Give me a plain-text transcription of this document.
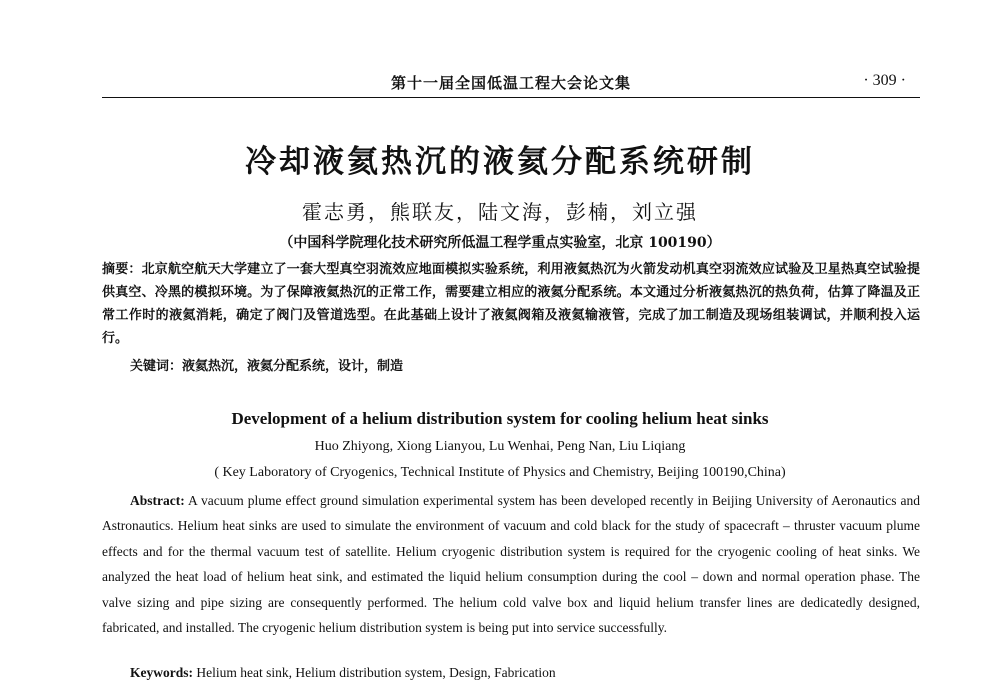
第十一届全国低温工程大会论文集	· 309 ·
冷却液氦热沉的液氦分配系统研制
霍志勇，熊联友，陆文海，彭楠，刘立强
（中国科学院理化技术研究所低温工程学重点实验室，北京 100190）
摘要：北京航空航天大学建立了一套大型真空羽流效应地面模拟实验系统，利用液氦热沉为火箭发动机真空羽流效应试验及卫星热真空试验提供真空、冷黑的模拟环境。为了保障液氦热沉的正常工作，需要建立相应的液氦分配系统。本文通过分析液氦热沉的热负荷，估算了降温及正常工作时的液氦消耗，确定了阀门及管道选型。在此基础上设计了液氦阀箱及液氦输液管，完成了加工制造及现场组装调试，并顺利投入运行。
关键词：液氦热沉，液氦分配系统，设计，制造
Development of a helium distribution system for cooling helium heat sinks
Huo Zhiyong, Xiong Lianyou, Lu Wenhai, Peng Nan, Liu Liqiang
( Key Laboratory of Cryogenics, Technical Institute of Physics and Chemistry, Beijing 100190,China)
Abstract: A vacuum plume effect ground simulation experimental system has been developed recently in Beijing University of Aeronautics and Astronautics. Helium heat sinks are used to simulate the environment of vacuum and cold black for the study of spacecraft – thruster vacuum plume effects and for the thermal vacuum test of satellite. Helium cryogenic distribution system is required for the cryogenic cooling of heat sinks. We analyzed the heat load of helium heat sink, and estimated the liquid helium consumption during the cool – down and normal operation phase. The valve sizing and pipe sizing are consequently performed. The helium cold valve box and liquid helium transfer lines are dedicatedly designed, fabricated, and installed. The cryogenic helium distribution system is being put into service successfully.
Keywords: Helium heat sink, Helium distribution system, Design, Fabrication
